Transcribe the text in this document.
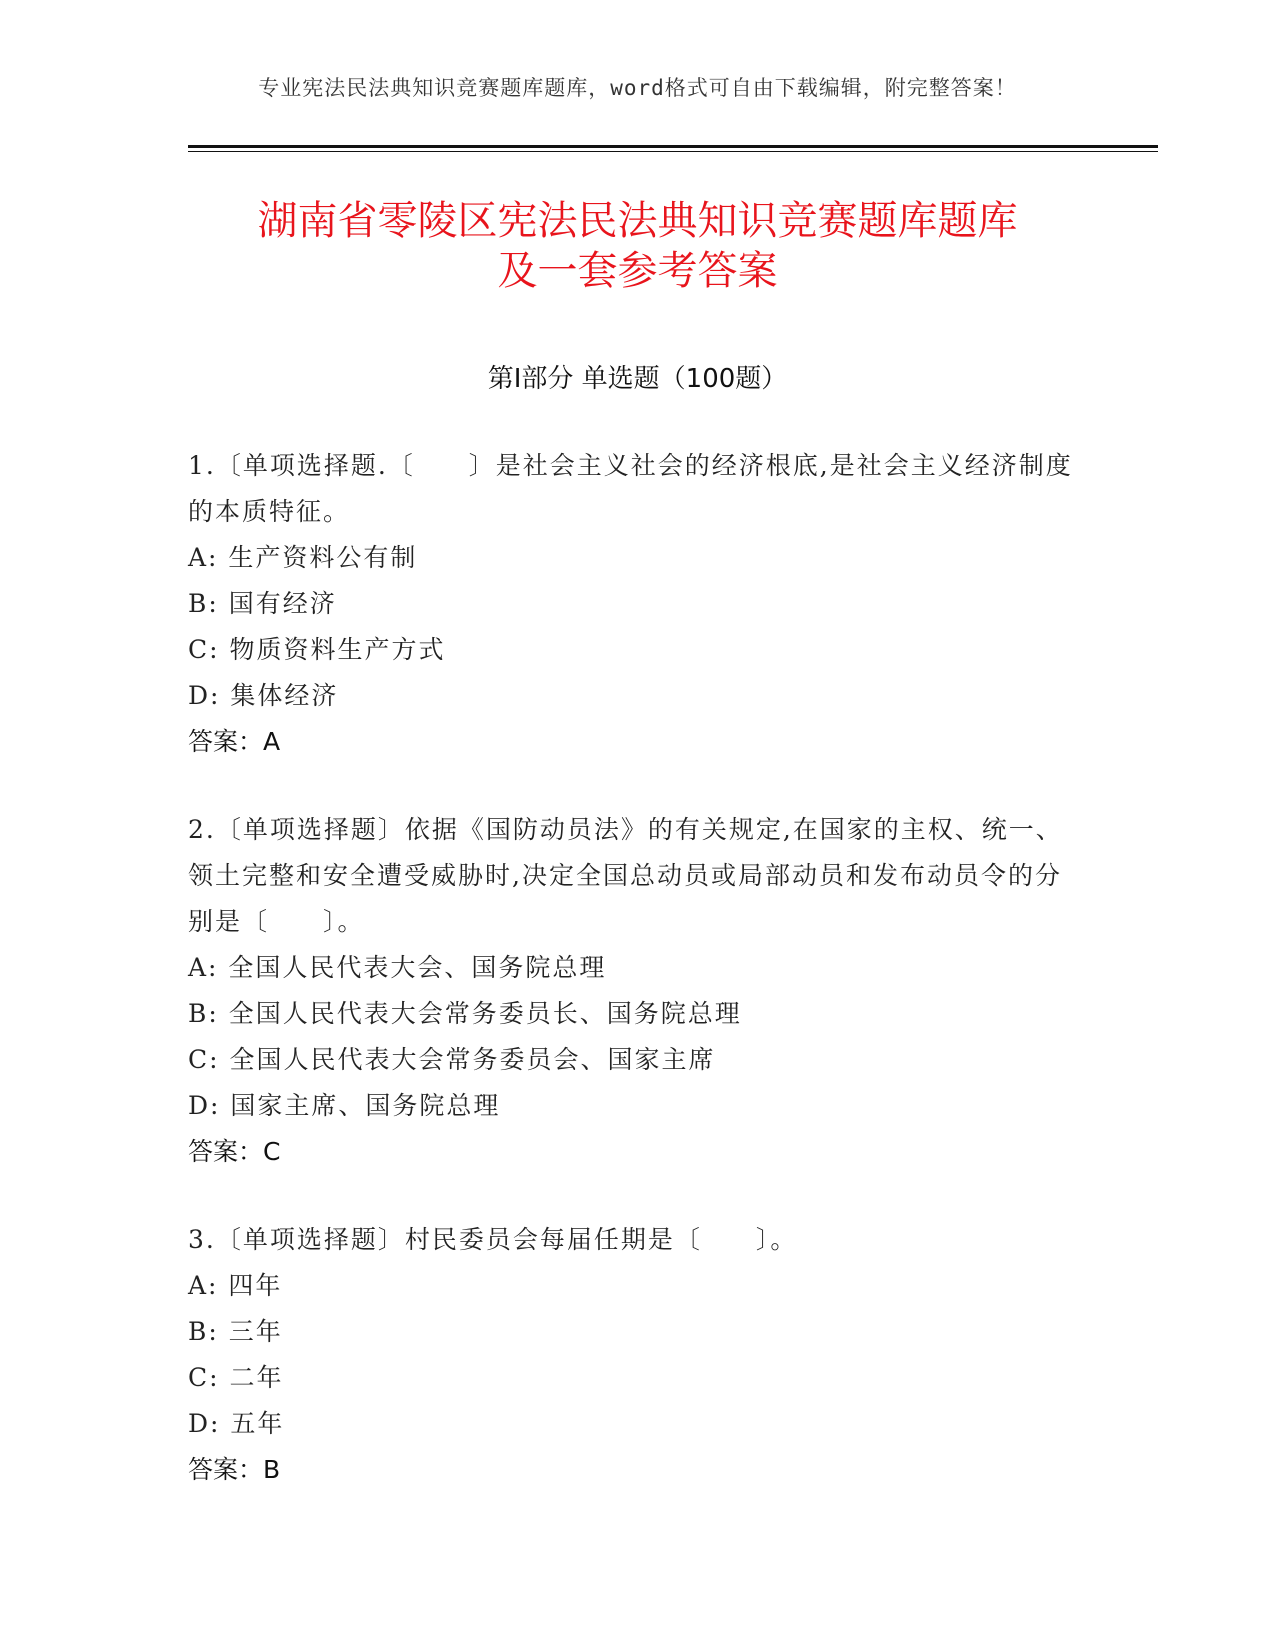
专业宪法民法典知识竞赛题库题库，word格式可自由下载编辑，附完整答案！
湖南省零陵区宪法民法典知识竞赛题库题库
及一套参考答案
第Ⅰ部分 单选题（100题）
1.〔单项选择题.〔　　〕是社会主义社会的经济根底,是社会主义经济制度的本质特征。
A: 生产资料公有制
B: 国有经济
C: 物质资料生产方式
D: 集体经济
答案：A
2.〔单项选择题〕依据《国防动员法》的有关规定,在国家的主权、统一、领土完整和安全遭受威胁时,决定全国总动员或局部动员和发布动员令的分别是〔　　〕。
A: 全国人民代表大会、国务院总理
B: 全国人民代表大会常务委员长、国务院总理
C: 全国人民代表大会常务委员会、国家主席
D: 国家主席、国务院总理
答案：C
3.〔单项选择题〕村民委员会每届任期是〔　　〕。
A: 四年
B: 三年
C: 二年
D: 五年
答案：B
